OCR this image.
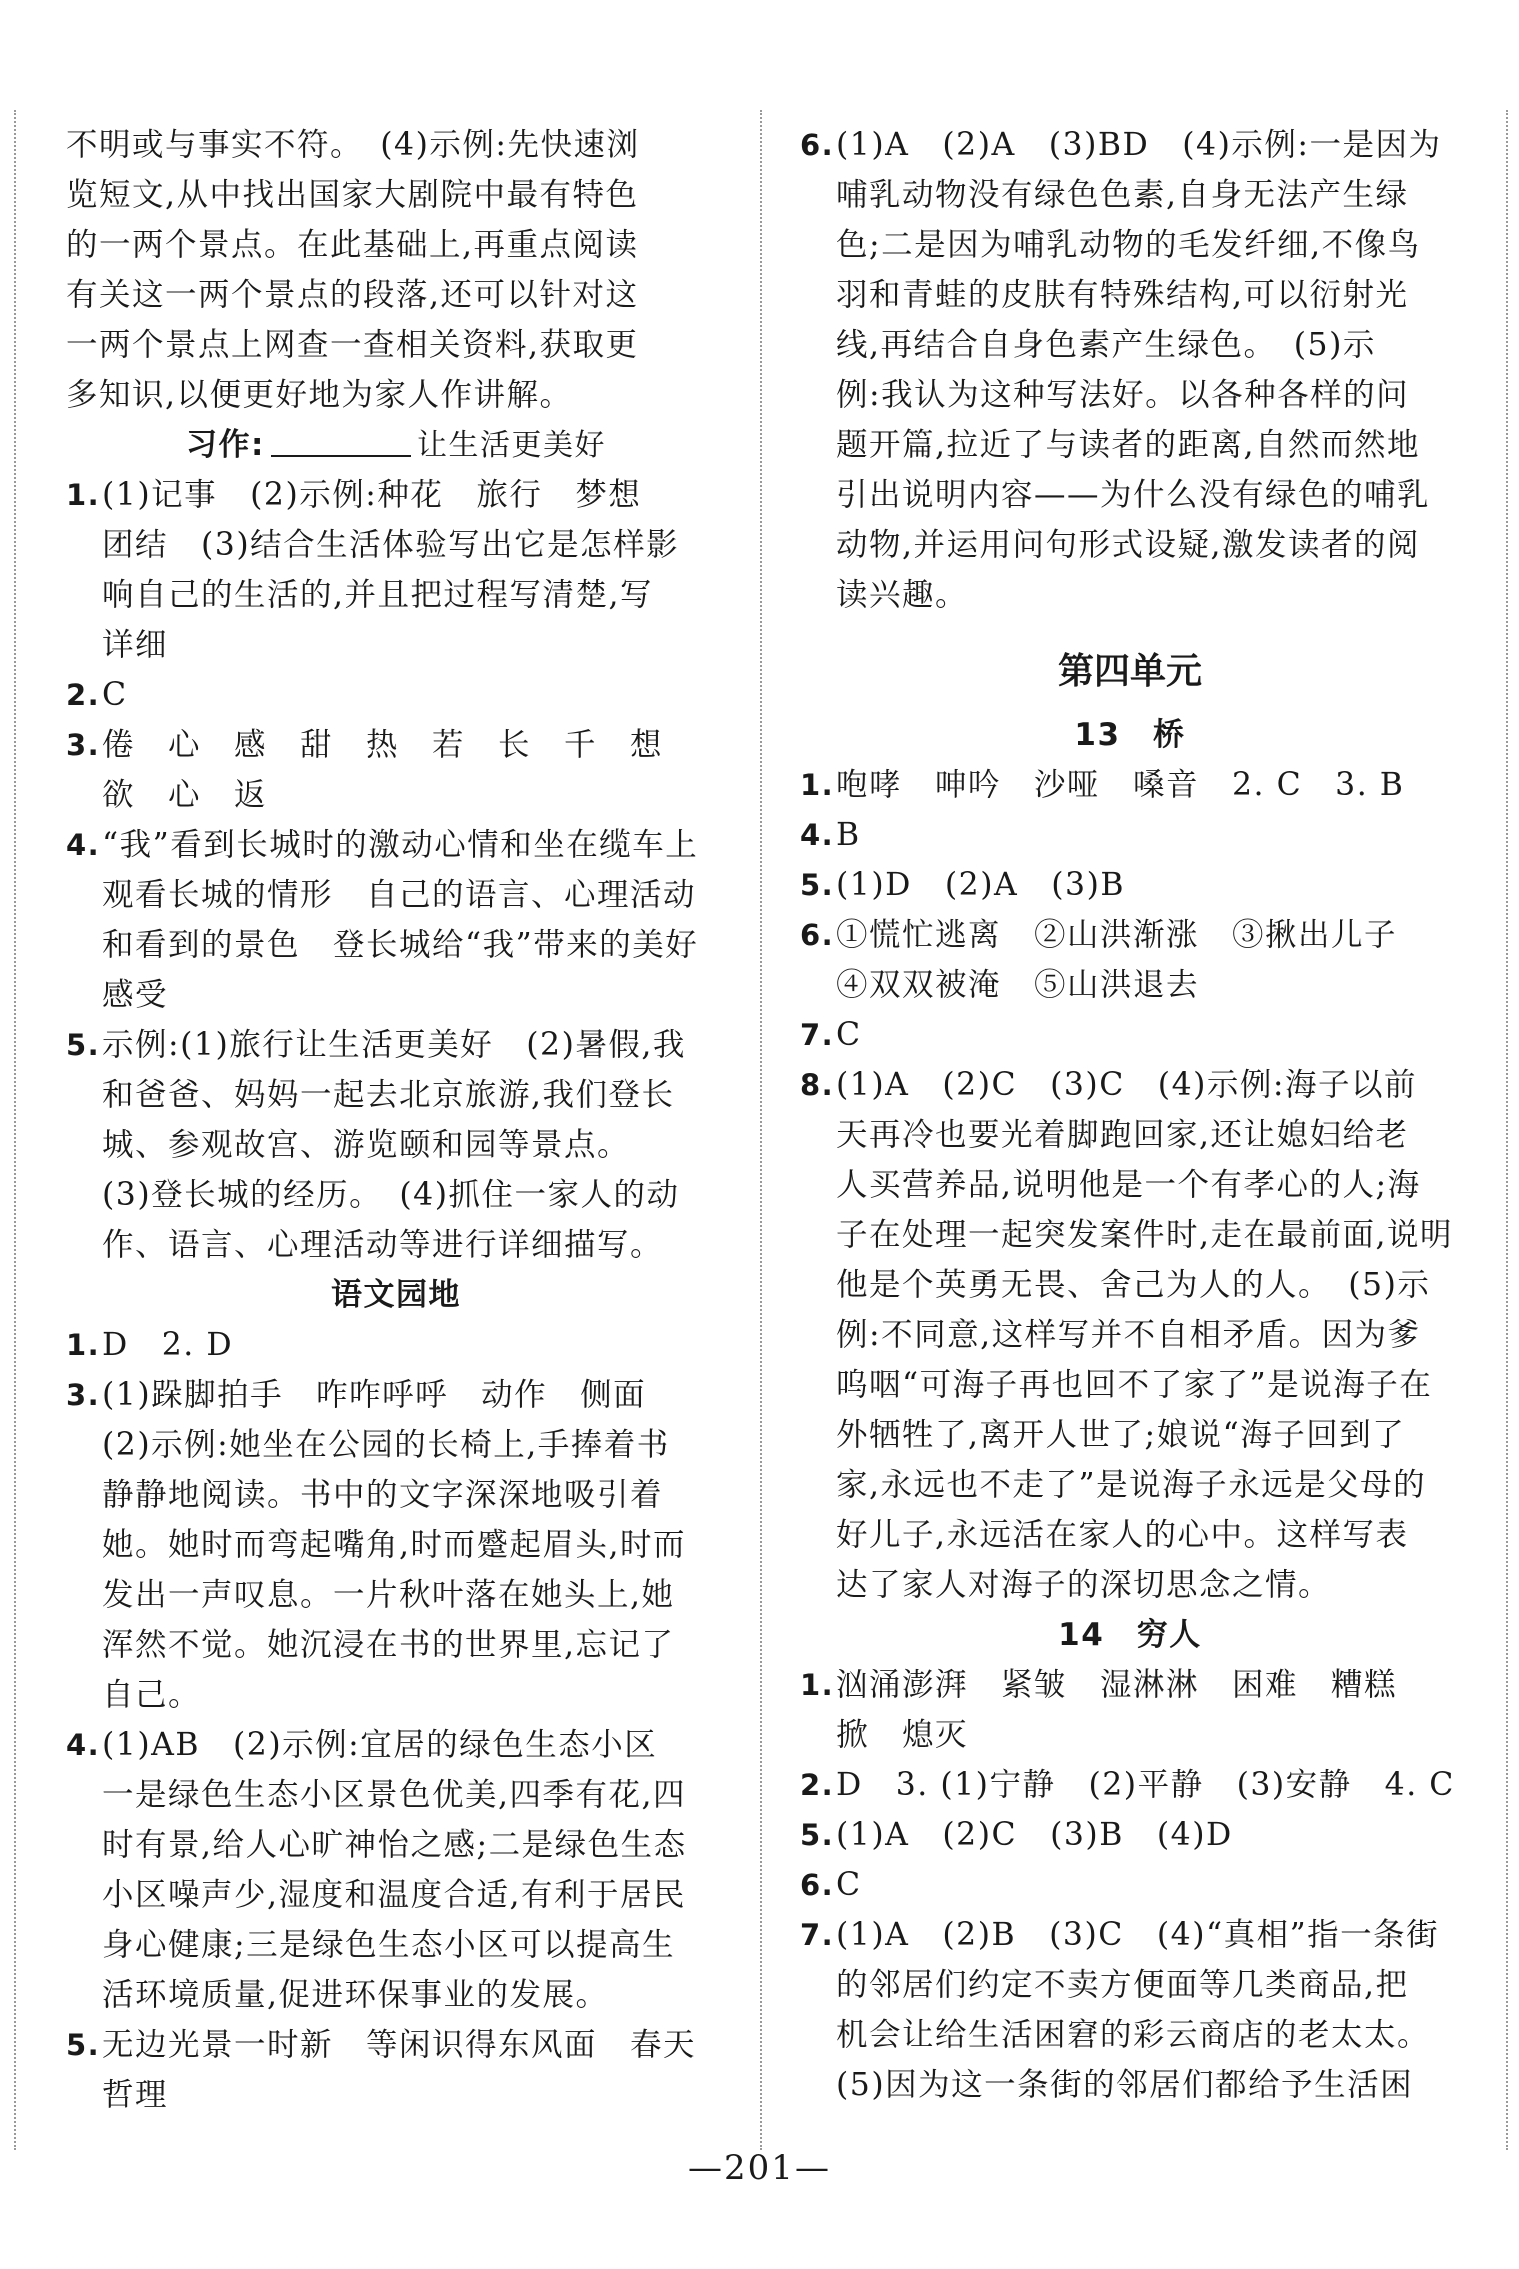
不明或与事实不符。　(4)示例:先快速浏
览短文,从中找出国家大剧院中最有特色
的一两个景点。在此基础上,再重点阅读
有关这一两个景点的段落,还可以针对这
一两个景点上网查一查相关资料,获取更
多知识,以便更好地为家人作讲解。
习作:	让生活更美好
1.(1)记事　(2)示例:种花　旅行　梦想
团结　(3)结合生活体验写出它是怎样影
响自己的生活的,并且把过程写清楚,写
详细
2.C
3.倦　心　感　甜　热　若　长　千　想
欲　心　返
4.“我”看到长城时的激动心情和坐在缆车上
观看长城的情形　自己的语言、心理活动
和看到的景色　登长城给“我”带来的美好
感受
5.示例:(1)旅行让生活更美好　(2)暑假,我
和爸爸、妈妈一起去北京旅游,我们登长
城、参观故宫、游览颐和园等景点。
(3)登长城的经历。　(4)抓住一家人的动
作、语言、心理活动等进行详细描写。
语文园地
1.D　2. D
3.(1)跺脚拍手　咋咋呼呼　动作　侧面
(2)示例:她坐在公园的长椅上,手捧着书
静静地阅读。书中的文字深深地吸引着
她。她时而弯起嘴角,时而蹙起眉头,时而
发出一声叹息。一片秋叶落在她头上,她
浑然不觉。她沉浸在书的世界里,忘记了
自己。
4.(1)AB　(2)示例:宜居的绿色生态小区
一是绿色生态小区景色优美,四季有花,四
时有景,给人心旷神怡之感;二是绿色生态
小区噪声少,湿度和温度合适,有利于居民
身心健康;三是绿色生态小区可以提高生
活环境质量,促进环保事业的发展。
5.无边光景一时新　等闲识得东风面　春天
哲理
6.(1)A　(2)A　(3)BD　(4)示例:一是因为
哺乳动物没有绿色色素,自身无法产生绿
色;二是因为哺乳动物的毛发纤细,不像鸟
羽和青蛙的皮肤有特殊结构,可以衍射光
线,再结合自身色素产生绿色。　(5)示
例:我认为这种写法好。以各种各样的问
题开篇,拉近了与读者的距离,自然而然地
引出说明内容——为什么没有绿色的哺乳
动物,并运用问句形式设疑,激发读者的阅
读兴趣。
第四单元
13　桥
1.咆哮　呻吟　沙哑　嗓音　2. C　3. B
4.B
5.(1)D　(2)A　(3)B
6.①慌忙逃离　②山洪渐涨　③揪出儿子
④双双被淹　⑤山洪退去
7.C
8.(1)A　(2)C　(3)C　(4)示例:海子以前
天再冷也要光着脚跑回家,还让媳妇给老
人买营养品,说明他是一个有孝心的人;海
子在处理一起突发案件时,走在最前面,说明
他是个英勇无畏、舍己为人的人。　(5)示
例:不同意,这样写并不自相矛盾。因为爹
呜咽“可海子再也回不了家了”是说海子在
外牺牲了,离开人世了;娘说“海子回到了
家,永远也不走了”是说海子永远是父母的
好儿子,永远活在家人的心中。这样写表
达了家人对海子的深切思念之情。
14　穷人
1.汹涌澎湃　紧皱　湿淋淋　困难　糟糕
掀　熄灭
2.D　3. (1)宁静　(2)平静　(3)安静　4. C
5.(1)A　(2)C　(3)B　(4)D
6.C
7.(1)A　(2)B　(3)C　(4)“真相”指一条街
的邻居们约定不卖方便面等几类商品,把
机会让给生活困窘的彩云商店的老太太。
(5)因为这一条街的邻居们都给予生活困
—201—
